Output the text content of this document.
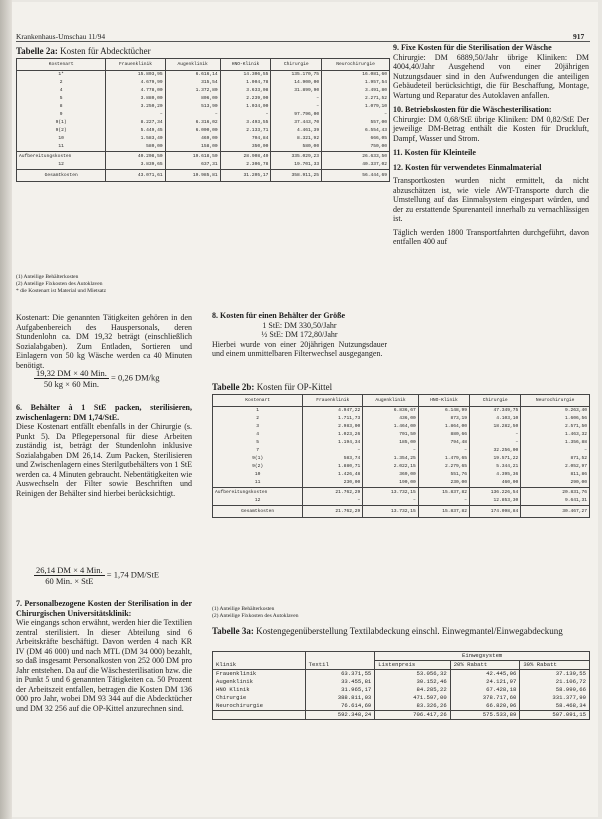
Krankenhaus-Umschau 11/94	917
Tabelle 2a: Kosten für Abdecktücher
Kostenart	Frauenklinik	Augenklinik	HNO-Klinik	Chirurgie	Neurochirurgie
1*	15.803,95	6.616,14	14.306,55	135.170,75	16.081,60
2	4.679,99	315,54	1.004,78	14.900,00	1.957,54
4	4.778,00	1.372,80	3.633,08	31.899,90	3.491,80
5	3.880,00	806,00	2.239,00	–	2.271,52
8	3.250,20	513,90	1.034,00	–	1.079,10
9	–	–	–	97.796,00	–
9(1)	8.227,34	6.316,02	3.493,55	37.443,70	557,00
9(2)	5.449,45	6.000,00	2.133,71	4.461,39	6.554,43
10	1.583,40	469,00	704,84	8.321,92	666,05
11	580,00	158,00	350,00	580,00	750,00
Aufbereitungskosten	40.208,50	19.618,50	28.908,40	335.029,23	26.633,50
12	3.839,65	637,31	2.306,78	19.701,33	40.337,02
Gesamtkosten	43.071,61	19.985,81	31.205,17	358.911,25	56.444,69
(1) Anteilige Behälterkosten
(2) Anteilige Fixkosten des Autoklaven
* die Kostenart ist Material und Mietsatz

Kostenart: Die genannten Tätigkeiten gehören in den Aufgabenbereich des Hauspersonals, deren Stundenlohn ca. DM 19,32 beträgt (einschließlich Sozialabgaben). Zum Entladen, Sortieren und Einlagern von 50 kg Wäsche werden ca 40 Minuten benötigt.

$\frac{\text{19,32 DM × 40 Min.}}{\text{50 kg × 60 Min.}} = 0,26$ DM/kg

6. Behälter à 1 StE packen, sterilisieren, zwischenlagern: DM 1,74/StE.

Diese Kostenart entfällt ebenfalls in der Chirurgie (s. Punkt 5). Da Pflegepersonal für diese Arbeiten zuständig ist, beträgt der Stundenlohn inklusive Sozialabgaben DM 26,14. Zum Packen, Sterilisieren und Zwischenlagern eines Sterilgutbehälters von 1 StE werden ca. 4 Minuten gebraucht. Nebentätigkeiten wie Auswechseln der Filter sowie Beschriften und Reinigen der Behälter sind hierbei berücksichtigt.

$\frac{\text{26,14 DM × 4 Min.}}{\text{60 Min. × StE}} = 1,74$ DM/StE

7. Personalbezogene Kosten der Sterilisation in der Chirurgischen Universitätsklinik:

Wie eingangs schon erwähnt, werden hier die Textilien zentral sterilisiert. In dieser Abteilung sind 6 Arbeitskräfte beschäftigt. Davon werden 4 nach KR IV (DM 46 000) und nach MTL (DM 34 000) bezahlt, so daß insgesamt Personalkosten von 252 000 DM pro Jahr entstehen. Da auf die Wäschesterilisation bzw. die in Punkt 5 und 6 genannten Tätigkeiten ca. 50 Prozent der Arbeitszeit entfallen, betragen die Kosten DM 136 000 pro Jahr, wobei DM 93 344 auf die Abdecktücher und DM 32 256 auf die OP-Kittel anzurechnen sind.

8. Kosten für einen Behälter der Größe

1 StE: DM 330,50/Jahr

½ StE: DM 172,80/Jahr

Hierbei wurde von einer 20jährigen Nutzungsdauer und einem unmittelbaren Filterwechsel ausgegangen.

9. Fixe Kosten für die Sterilisation der Wäsche

Chirurgie: DM 6889,50/Jahr übrige Kliniken: DM 4004,40/Jahr Ausgehend von einer 20jährigen Nutzungsdauer sind in den Aufwendungen die anteiligen Gebäudeteil berücksichtigt, die für Beschaffung, Montage, Wartung und Reparatur des Autoklaven anfallen.

10. Betriebskosten für die Wäschesterilisation:

Chirurgie: DM 0,68/StE übrige Kliniken: DM 0,82/StE Der jeweilige DM-Betrag enthält die Kosten für Druckluft, Dampf, Wasser und Strom.

11. Kosten für Kleinteile

12. Kosten für verwendetes Einmalmaterial

Transportkosten wurden nicht ermittelt, da nicht abzuschätzen ist, wie viele AWT-Transporte durch die Umstellung auf das Einmalsystem eingespart würden, und der zu erstattende Spurenanteil innerhalb zu vernachlässigen ist.

Täglich werden 1800 Transportfahrten durchgeführt, davon entfallen 400 auf

Tabelle 2b: Kosten für OP-Kittel
Kostenart	Frauenklinik	Augenklinik	HNO-Klinik	Chirurgie	Neurochirurgie
1	4.947,22	6.836,67	6.148,99	47.349,75	9.263,40
2	1.711,73	436,00	873,19	4.103,10	1.606,56
3	2.983,00	1.464,00	1.864,00	18.282,50	2.571,50
4	1.023,26	701,50	880,66	–	1.463,32
5	1.194,34	185,00	794,48	–	1.356,88
7	–	–	–	32.256,00	–
9(1)	583,74	1.354,25	1.479,65	19.571,22	871,52
9(2)	1.880,71	2.022,15	2.279,65	5.344,21	2.052,97
10	1.426,48	369,00	551,76	4.395,36	811,86
11	230,00	190,00	230,00	460,00	290,00
Aufbereitungskosten	21.762,29	13.732,15	15.837,82	136.226,54	20.831,76
12	–	–	–	12.853,30	9.641,31
Gesamtkosten	21.762,29	13.732,15	15.837,82	174.098,84	30.467,27
(1) Anteilige Behälterkosten
(2) Anteilige Fixkosten des Autoklaven
Tabelle 3a: Kostengegenüberstellung Textilabdeckung einschl. Einwegmantel/Einwegabdeckung
		Einwegsystem		
Klinik	Textil	Listenpreis	20% Rabatt	30% Rabatt
Frauenklinik	63.371,55	53.056,32	42.445,06	37.139,55
Augenklinik	33.455,81	30.152,46	24.121,97	21.106,72
HNO Klinik	31.965,17	84.285,22	67.428,18	58.999,66
Chirurgie	388.811,03	471.597,00	378.717,60	331.377,90
Neurochirurgie	76.614,69	83.326,26	66.820,96	58.468,34
	592.348,24	706.417,26	575.533,89	507.091,15
